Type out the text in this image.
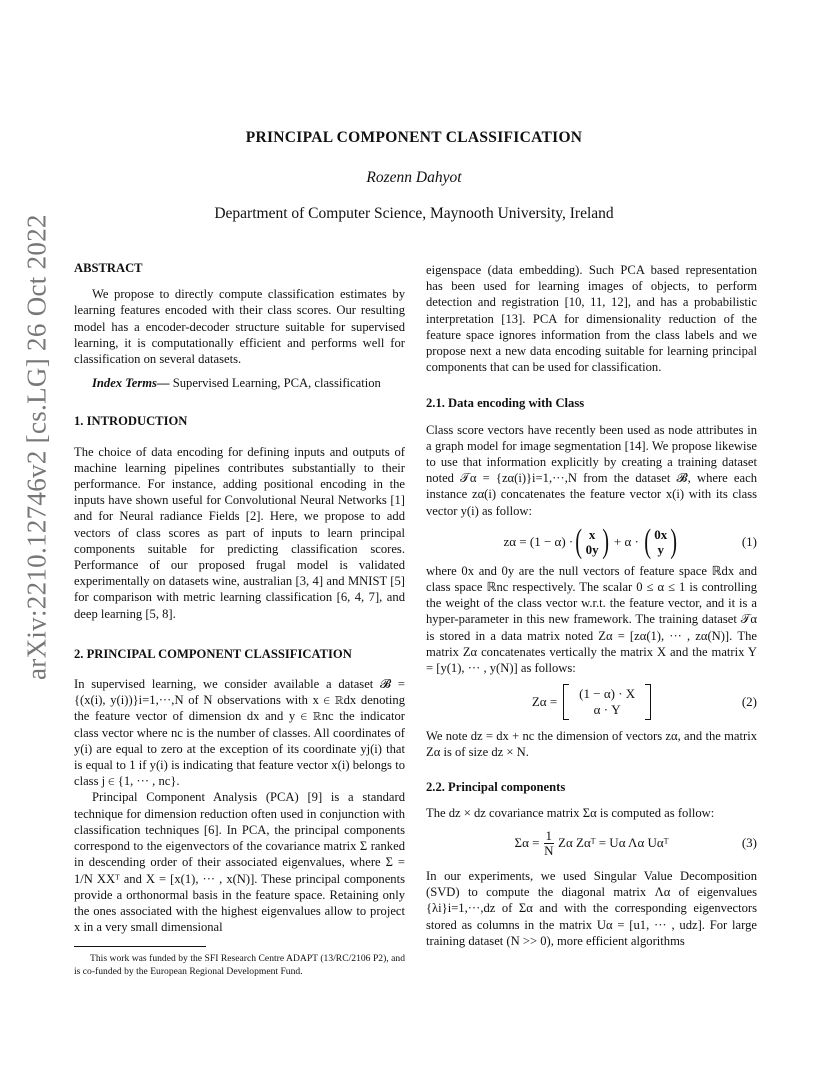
arXiv:2210.12746v2 [cs.LG] 26 Oct 2022
PRINCIPAL COMPONENT CLASSIFICATION
Rozenn Dahyot
Department of Computer Science, Maynooth University, Ireland

ABSTRACT

We propose to directly compute classification estimates by learning features encoded with their class scores. Our resulting model has a encoder-decoder structure suitable for supervised learning, it is computationally efficient and performs well for classification on several datasets.

Index Terms— Supervised Learning, PCA, classification

1. INTRODUCTION

The choice of data encoding for defining inputs and outputs of machine learning pipelines contributes substantially to their performance. For instance, adding positional encoding in the inputs have shown useful for Convolutional Neural Networks [1] and for Neural radiance Fields [2]. Here, we propose to add vectors of class scores as part of inputs to learn principal components suitable for predicting classification scores. Performance of our proposed frugal model is validated experimentally on datasets wine, australian [3, 4] and MNIST [5] for comparison with metric learning classification [6, 4, 7], and deep learning [5, 8].

2. PRINCIPAL COMPONENT CLASSIFICATION

In supervised learning, we consider available a dataset 𝓑 = {(x(i), y(i))}i=1,···,N of N observations with x ∈ ℝdx denoting the feature vector of dimension dx and y ∈ ℝnc the indicator class vector where nc is the number of classes. All coordinates of y(i) are equal to zero at the exception of its coordinate yj(i) that is equal to 1 if y(i) is indicating that feature vector x(i) belongs to class j ∈ {1, ··· , nc}.

Principal Component Analysis (PCA) [9] is a standard technique for dimension reduction often used in conjunction with classification techniques [6]. In PCA, the principal components correspond to the eigenvectors of the covariance matrix Σ ranked in descending order of their associated eigenvalues, where Σ = 1/N XXᵀ and X = [x(1), ··· , x(N)]. These principal components provide a orthonormal basis in the feature space. Retaining only the ones associated with the highest eigenvalues allow to project x in a very small dimensional

This work was funded by the SFI Research Centre ADAPT (13/RC/2106 P2), and is co-funded by the European Regional Development Fund.

eigenspace (data embedding). Such PCA based representation has been used for learning images of objects, to perform detection and registration [10, 11, 12], and has a probabilistic interpretation [13]. PCA for dimensionality reduction of the feature space ignores information from the class labels and we propose next a new data encoding suitable for learning principal components that can be used for classification.

2.1. Data encoding with Class

Class score vectors have recently been used as node attributes in a graph model for image segmentation [14]. We propose likewise to use that information explicitly by creating a training dataset noted 𝒯α = {zα(i)}i=1,···,N from the dataset 𝓑, where each instance zα(i) concatenates the feature vector x(i) with its class vector y(i) as follow:

zα = (1 − α) · ( x
0y ) + α · ( 0x
y )	(1)

where 0x and 0y are the null vectors of feature space ℝdx and class space ℝnc respectively. The scalar 0 ≤ α ≤ 1 is controlling the weight of the class vector w.r.t. the feature vector, and it is a hyper-parameter in this new framework. The training dataset 𝒯α is stored in a data matrix noted Zα = [zα(1), ··· , zα(N)]. The matrix Zα concatenates vertically the matrix X and the matrix Y = [y(1), ··· , y(N)] as follows:

Zα =
(1 − α) · X
α · Y
(2)

We note dz = dx + nc the dimension of vectors zα, and the matrix Zα is of size dz × N.

2.2. Principal components

The dz × dz covariance matrix Σα is computed as follow:

$\Sigma\alpha = \frac{1}{N}$ Zα Zαᵀ = Uα Λα Uαᵀ	(3)

In our experiments, we used Singular Value Decomposition (SVD) to compute the diagonal matrix Λα of eigenvalues {λi}i=1,···,dz of Σα and with the corresponding eigenvectors stored as columns in the matrix Uα = [u1, ··· , udz]. For large training dataset (N >> 0), more efficient algorithms
